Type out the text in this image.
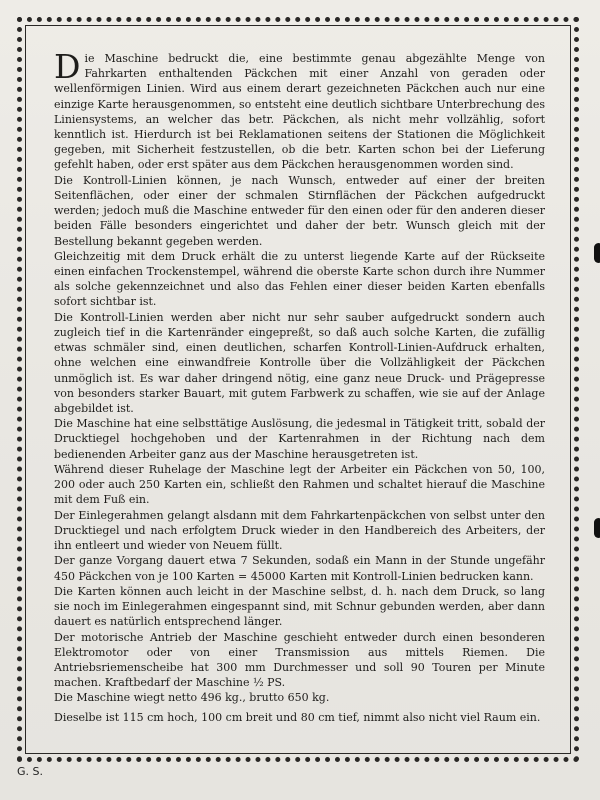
Die Maschine bedruckt die, eine bestimmte genau abgezählte Menge von Fahrkarten enthaltenden Päckchen mit einer Anzahl von geraden oder wellenförmigen Linien. Wird aus einem derart gezeichneten Päckchen auch nur eine einzige Karte herausgenommen, so entsteht eine deutlich sichtbare Unterbrechung des Liniensystems, an welcher das betr. Päckchen, als nicht mehr vollzählig, sofort kenntlich ist. Hierdurch ist bei Reklamationen seitens der Stationen die Möglichkeit gegeben, mit Sicherheit festzustellen, ob die betr. Karten schon bei der Lieferung gefehlt haben, oder erst später aus dem Päckchen herausgenommen worden sind.

Die Kontroll-Linien können, je nach Wunsch, entweder auf einer der breiten Seitenflächen, oder einer der schmalen Stirnflächen der Päckchen aufgedruckt werden; jedoch muß die Maschine entweder für den einen oder für den anderen dieser beiden Fälle besonders eingerichtet und daher der betr. Wunsch gleich mit der Bestellung bekannt gegeben werden.

Gleichzeitig mit dem Druck erhält die zu unterst liegende Karte auf der Rückseite einen einfachen Trockenstempel, während die oberste Karte schon durch ihre Nummer als solche gekennzeichnet und also das Fehlen einer dieser beiden Karten ebenfalls sofort sichtbar ist.

Die Kontroll-Linien werden aber nicht nur sehr sauber aufgedruckt sondern auch zugleich tief in die Kartenränder eingepreßt, so daß auch solche Karten, die zufällig etwas schmäler sind, einen deutlichen, scharfen Kontroll-Linien-Aufdruck erhalten, ohne welchen eine einwandfreie Kontrolle über die Vollzähligkeit der Päckchen unmöglich ist. Es war daher dringend nötig, eine ganz neue Druck- und Prägepresse von besonders starker Bauart, mit gutem Farbwerk zu schaffen, wie sie auf der Anlage abgebildet ist.

Die Maschine hat eine selbsttätige Auslösung, die jedesmal in Tätigkeit tritt, sobald der Drucktiegel hochgehoben und der Kartenrahmen in der Richtung nach dem bedienenden Arbeiter ganz aus der Maschine herausgetreten ist.

Während dieser Ruhelage der Maschine legt der Arbeiter ein Päckchen von 50, 100, 200 oder auch 250 Karten ein, schließt den Rahmen und schaltet hierauf die Maschine mit dem Fuß ein.

Der Einlegerahmen gelangt alsdann mit dem Fahrkartenpäckchen von selbst unter den Drucktiegel und nach erfolgtem Druck wieder in den Handbereich des Arbeiters, der ihn entleert und wieder von Neuem füllt.

Der ganze Vorgang dauert etwa 7 Sekunden, sodaß ein Mann in der Stunde ungefähr 450 Päckchen von je 100 Karten = 45000 Karten mit Kontroll-Linien bedrucken kann.

Die Karten können auch leicht in der Maschine selbst, d. h. nach dem Druck, so lang sie noch im Einlegerahmen eingespannt sind, mit Schnur gebunden werden, aber dann dauert es natürlich entsprechend länger.

Der motorische Antrieb der Maschine geschieht entweder durch einen besonderen Elektromotor oder von einer Transmission aus mittels Riemen. Die Antriebsriemenscheibe hat 300 mm Durchmesser und soll 90 Touren per Minute machen. Kraftbedarf der Maschine ½ PS.

Die Maschine wiegt netto 496 kg., brutto 650 kg.

Dieselbe ist 115 cm hoch, 100 cm breit und 80 cm tief, nimmt also nicht viel Raum ein.

G. S.
